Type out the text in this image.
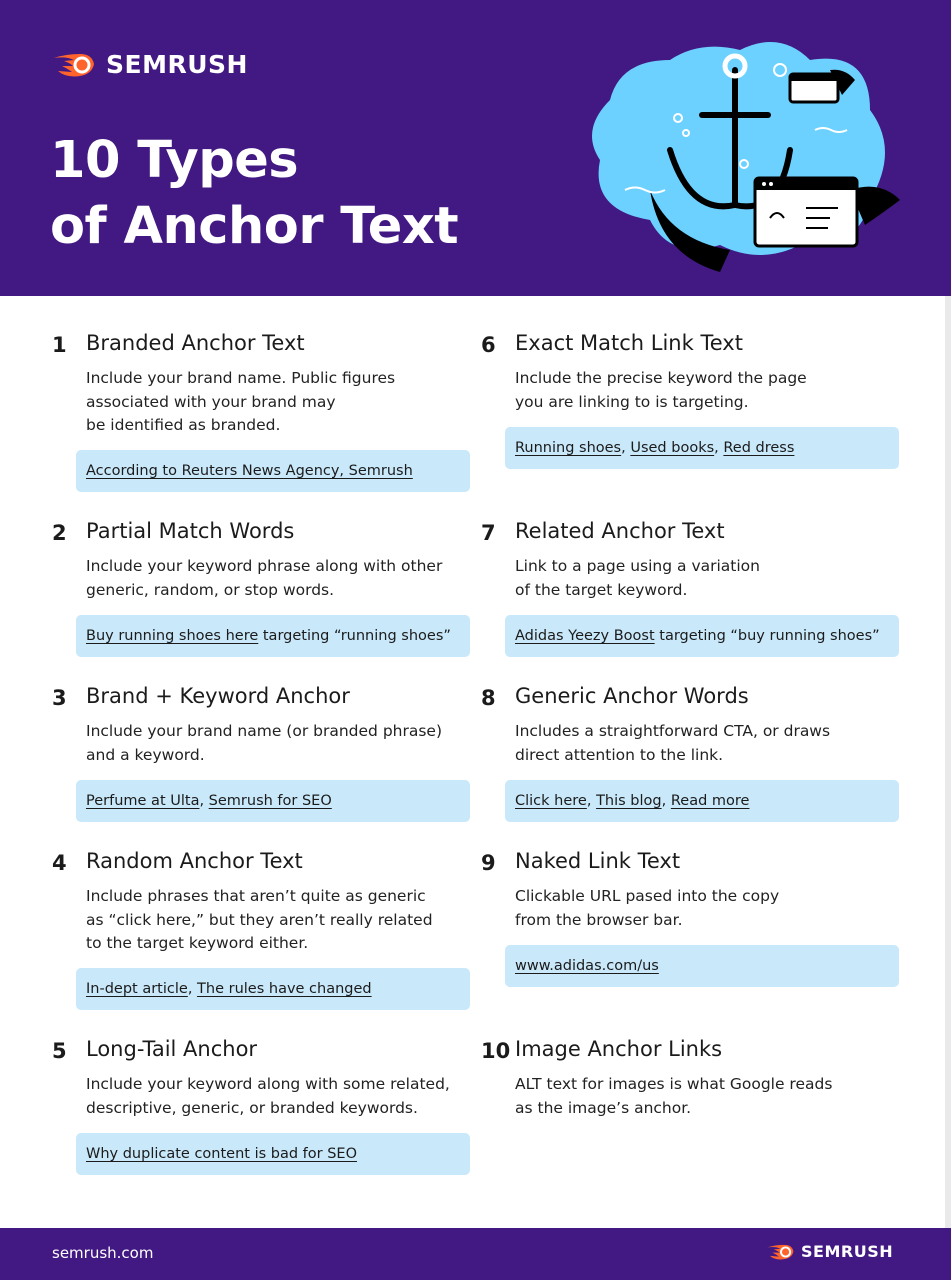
SEMRUSH
10 Types
of Anchor Text
1 Branded Anchor Text
Include your brand name. Public figures
associated with your brand may
be identified as branded.
According to Reuters News Agency, Semrush
2 Partial Match Words
Include your keyword phrase along with other
generic, random, or stop words.
Buy running shoes here targeting “running shoes”
3 Brand + Keyword Anchor
Include your brand name (or branded phrase)
and a keyword.
Perfume at Ulta, Semrush for SEO
4 Random Anchor Text
Include phrases that aren’t quite as generic
as “click here,” but they aren’t really related
to the target keyword either.
In-dept article, The rules have changed
5 Long-Tail Anchor
Include your keyword along with some related,
descriptive, generic, or branded keywords.
Why duplicate content is bad for SEO
6 Exact Match Link Text
Include the precise keyword the page
you are linking to is targeting.
Running shoes, Used books, Red dress
7 Related Anchor Text
Link to a page using a variation
of the target keyword.
Adidas Yeezy Boost targeting “buy running shoes”
8 Generic Anchor Words
Includes a straightforward CTA, or draws
direct attention to the link.
Click here, This blog, Read more
9 Naked Link Text
Clickable URL pased into the copy
from the browser bar.
www.adidas.com/us
10 Image Anchor Links
ALT text for images is what Google reads
as the image’s anchor.
semrush.com	SEMRUSH
